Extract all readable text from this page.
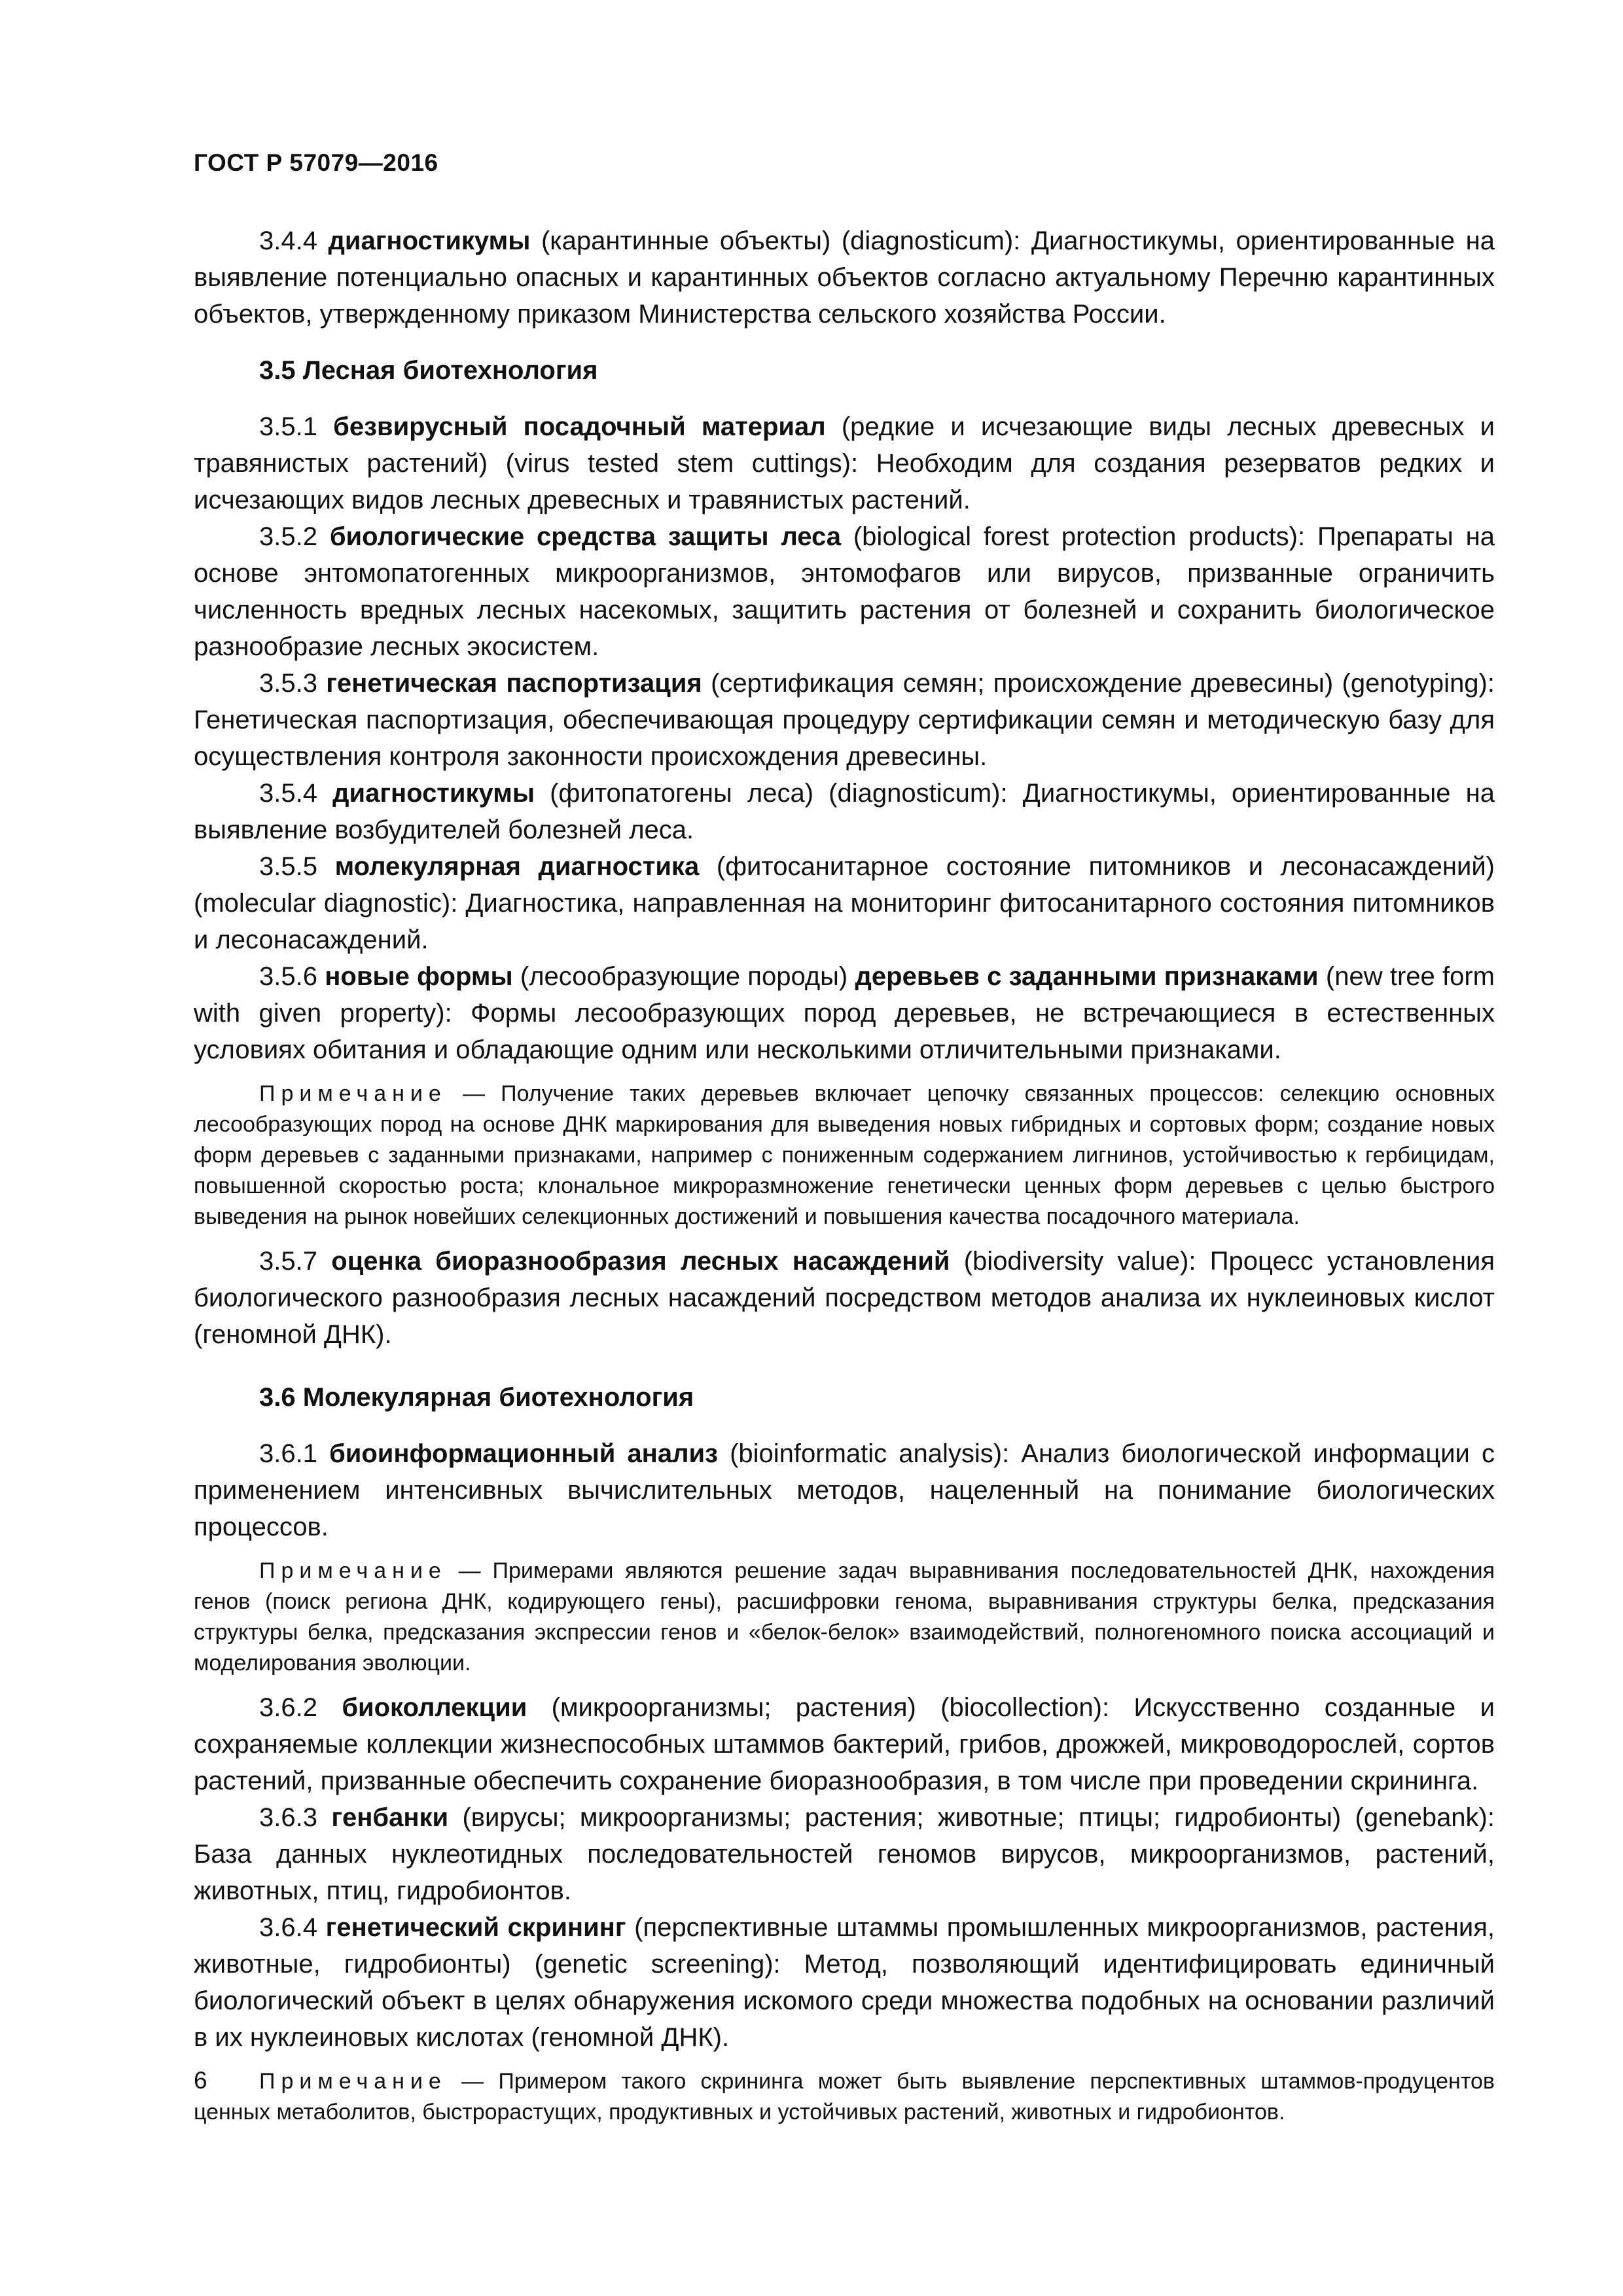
ГОСТ Р 57079—2016

3.4.4 диагностикумы (карантинные объекты) (diagnosticum): Диагностикумы, ориентированные на выявление потенциально опасных и карантинных объектов согласно актуальному Перечню карантинных объектов, утвержденному приказом Министерства сельского хозяйства России.

3.5 Лесная биотехнология

3.5.1 безвирусный посадочный материал (редкие и исчезающие виды лесных древесных и травянистых растений) (virus tested stem cuttings): Необходим для создания резерватов редких и исчезающих видов лесных древесных и травянистых растений.

3.5.2 биологические средства защиты леса (biological forest protection products): Препараты на основе энтомопатогенных микроорганизмов, энтомофагов или вирусов, призванные ограничить численность вредных лесных насекомых, защитить растения от болезней и сохранить биологическое разнообразие лесных экосистем.

3.5.3 генетическая паспортизация (сертификация семян; происхождение древесины) (genotyping): Генетическая паспортизация, обеспечивающая процедуру сертификации семян и методическую базу для осуществления контроля законности происхождения древесины.

3.5.4 диагностикумы (фитопатогены леса) (diagnosticum): Диагностикумы, ориентированные на выявление возбудителей болезней леса.

3.5.5 молекулярная диагностика (фитосанитарное состояние питомников и лесонасаждений) (molecular diagnostic): Диагностика, направленная на мониторинг фитосанитарного состояния питомников и лесонасаждений.

3.5.6 новые формы (лесообразующие породы) деревьев с заданными признаками (new tree form with given property): Формы лесообразующих пород деревьев, не встречающиеся в естественных условиях обитания и обладающие одним или несколькими отличительными признаками.

Примечание — Получение таких деревьев включает цепочку связанных процессов: селекцию основных лесообразующих пород на основе ДНК маркирования для выведения новых гибридных и сортовых форм; создание новых форм деревьев с заданными признаками, например с пониженным содержанием лигнинов, устойчивостью к гербицидам, повышенной скоростью роста; клональное микроразмножение генетически ценных форм деревьев с целью быстрого выведения на рынок новейших селекционных достижений и повышения качества посадочного материала.

3.5.7 оценка биоразнообразия лесных насаждений (biodiversity value): Процесс установления биологического разнообразия лесных насаждений посредством методов анализа их нуклеиновых кислот (геномной ДНК).

3.6 Молекулярная биотехнология

3.6.1 биоинформационный анализ (bioinformatic analysis): Анализ биологической информации с применением интенсивных вычислительных методов, нацеленный на понимание биологических процессов.

Примечание — Примерами являются решение задач выравнивания последовательностей ДНК, нахождения генов (поиск региона ДНК, кодирующего гены), расшифровки генома, выравнивания структуры белка, предсказания структуры белка, предсказания экспрессии генов и «белок-белок» взаимодействий, полногеномного поиска ассоциаций и моделирования эволюции.

3.6.2 биоколлекции (микроорганизмы; растения) (biocollection): Искусственно созданные и сохраняемые коллекции жизнеспособных штаммов бактерий, грибов, дрожжей, микроводорослей, сортов растений, призванные обеспечить сохранение биоразнообразия, в том числе при проведении скрининга.

3.6.3 генбанки (вирусы; микроорганизмы; растения; животные; птицы; гидробионты) (genebank): База данных нуклеотидных последовательностей геномов вирусов, микроорганизмов, растений, животных, птиц, гидробионтов.

3.6.4 генетический скрининг (перспективные штаммы промышленных микроорганизмов, растения, животные, гидробионты) (genetic screening): Метод, позволяющий идентифицировать единичный биологический объект в целях обнаружения искомого среди множества подобных на основании различий в их нуклеиновых кислотах (геномной ДНК).

Примечание — Примером такого скрининга может быть выявление перспективных штаммов-продуцентов ценных метаболитов, быстрорастущих, продуктивных и устойчивых растений, животных и гидробионтов.

6
